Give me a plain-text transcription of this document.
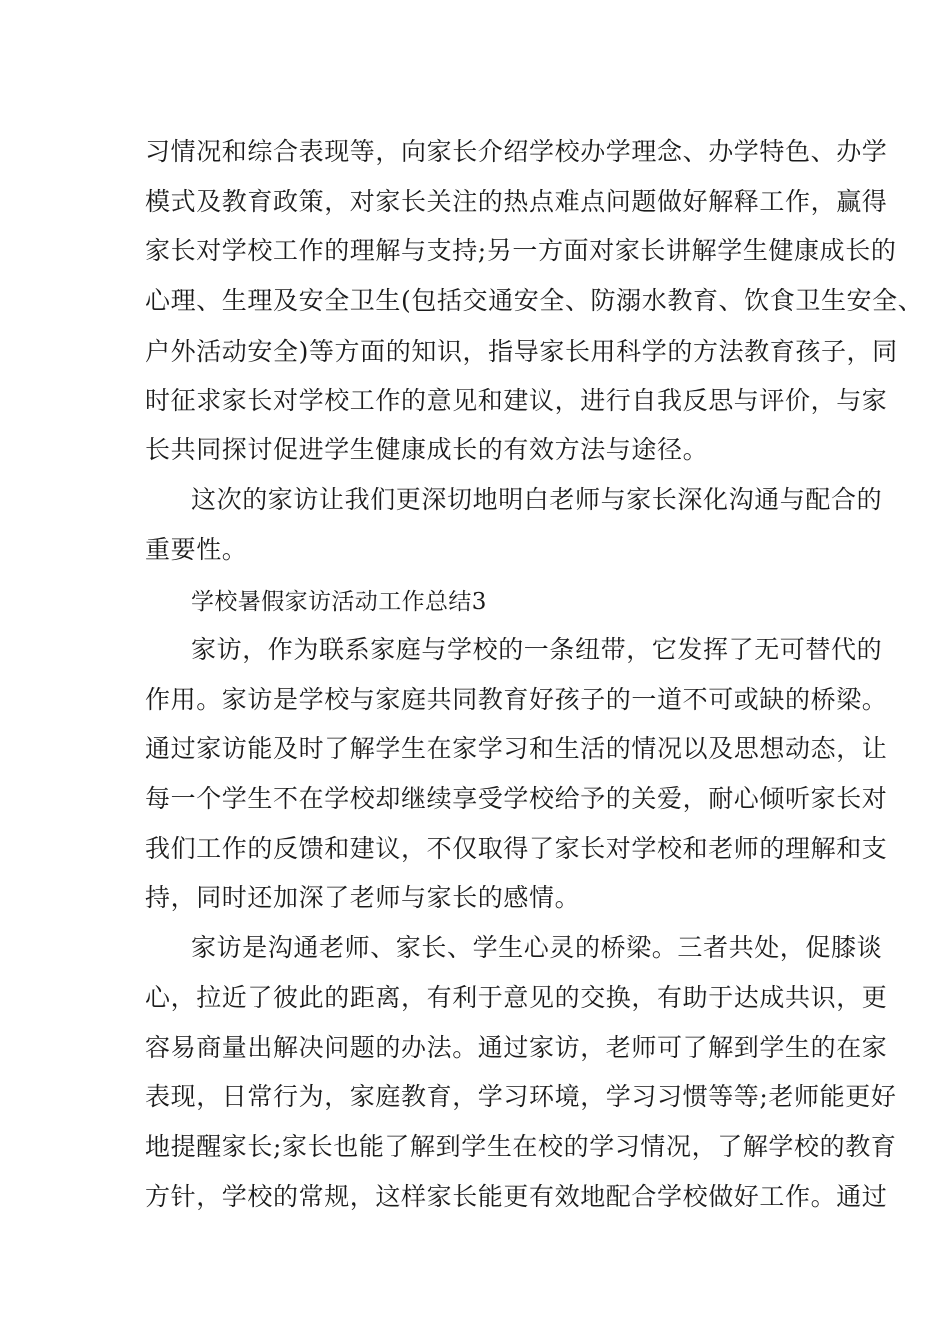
习情况和综合表现等，向家长介绍学校办学理念、办学特色、办学
模式及教育政策，对家长关注的热点难点问题做好解释工作，赢得
家长对学校工作的理解与支持;另一方面对家长讲解学生健康成长的
心理、生理及安全卫生(包括交通安全、防溺水教育、饮食卫生安全、
户外活动安全)等方面的知识，指导家长用科学的方法教育孩子，同
时征求家长对学校工作的意见和建议，进行自我反思与评价，与家
长共同探讨促进学生健康成长的有效方法与途径。
这次的家访让我们更深切地明白老师与家长深化沟通与配合的
重要性。
学校暑假家访活动工作总结3
家访，作为联系家庭与学校的一条纽带，它发挥了无可替代的
作用。家访是学校与家庭共同教育好孩子的一道不可或缺的桥梁。
通过家访能及时了解学生在家学习和生活的情况以及思想动态，让
每一个学生不在学校却继续享受学校给予的关爱，耐心倾听家长对
我们工作的反馈和建议，不仅取得了家长对学校和老师的理解和支
持，同时还加深了老师与家长的感情。
家访是沟通老师、家长、学生心灵的桥梁。三者共处，促膝谈
心，拉近了彼此的距离，有利于意见的交换，有助于达成共识，更
容易商量出解决问题的办法。通过家访，老师可了解到学生的在家
表现，日常行为，家庭教育，学习环境，学习习惯等等;老师能更好
地提醒家长;家长也能了解到学生在校的学习情况，了解学校的教育
方针，学校的常规，这样家长能更有效地配合学校做好工作。通过
